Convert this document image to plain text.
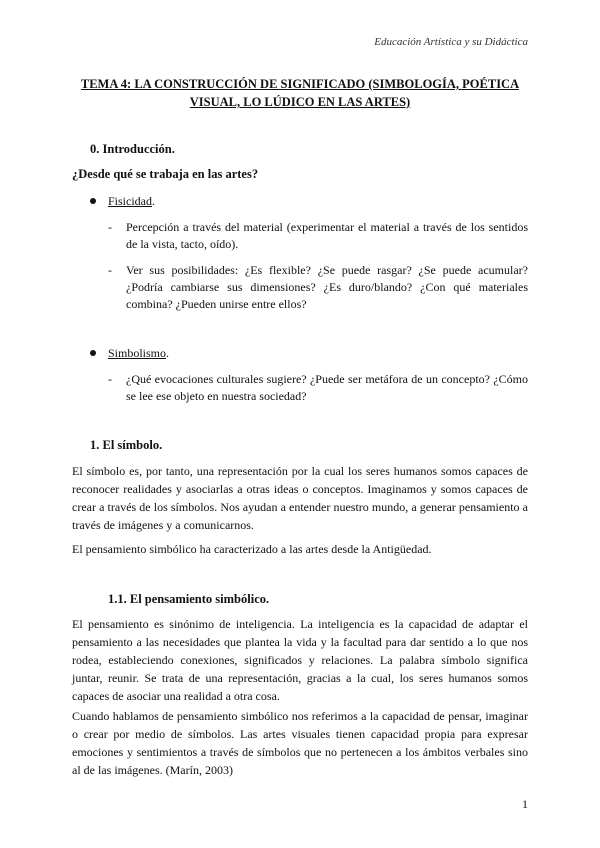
Educación Artística y su Didáctica
TEMA 4: LA CONSTRUCCIÓN DE SIGNIFICADO (SIMBOLOGÍA, POÉTICA VISUAL, LO LÚDICO EN LAS ARTES)
0. Introducción.
¿Desde qué se trabaja en las artes?
Fisicidad .
- Percepción a través del material (experimentar el material a través de los sentidos de la vista, tacto, oído).
- Ver sus posibilidades: ¿Es flexible? ¿Se puede rasgar? ¿Se puede acumular? ¿Podría cambiarse sus dimensiones? ¿Es duro/blando? ¿Con qué materiales combina? ¿Pueden unirse entre ellos?
Simbolismo .
- ¿Qué evocaciones culturales sugiere? ¿Puede ser metáfora de un concepto? ¿Cómo se lee ese objeto en nuestra sociedad?
1. El símbolo.
El símbolo es, por tanto, una representación por la cual los seres humanos somos capaces de reconocer realidades y asociarlas a otras ideas o conceptos. Imaginamos y somos capaces de crear a través de los símbolos. Nos ayudan a entender nuestro mundo, a generar pensamiento a través de imágenes y a comunicarnos.
El pensamiento simbólico ha caracterizado a las artes desde la Antigüedad.
1.1. El pensamiento simbólico.
El pensamiento es sinónimo de inteligencia. La inteligencia es la capacidad de adaptar el pensamiento a las necesidades que plantea la vida y la facultad para dar sentido a lo que nos rodea, estableciendo conexiones, significados y relaciones. La palabra símbolo significa juntar, reunir. Se trata de una representación, gracias a la cual, los seres humanos somos capaces de asociar una realidad a otra cosa.
Cuando hablamos de pensamiento simbólico nos referimos a la capacidad de pensar, imaginar o crear por medio de símbolos. Las artes visuales tienen capacidad propia para expresar emociones y sentimientos a través de símbolos que no pertenecen a los ámbitos verbales sino al de las imágenes. (Marín, 2003)
1
